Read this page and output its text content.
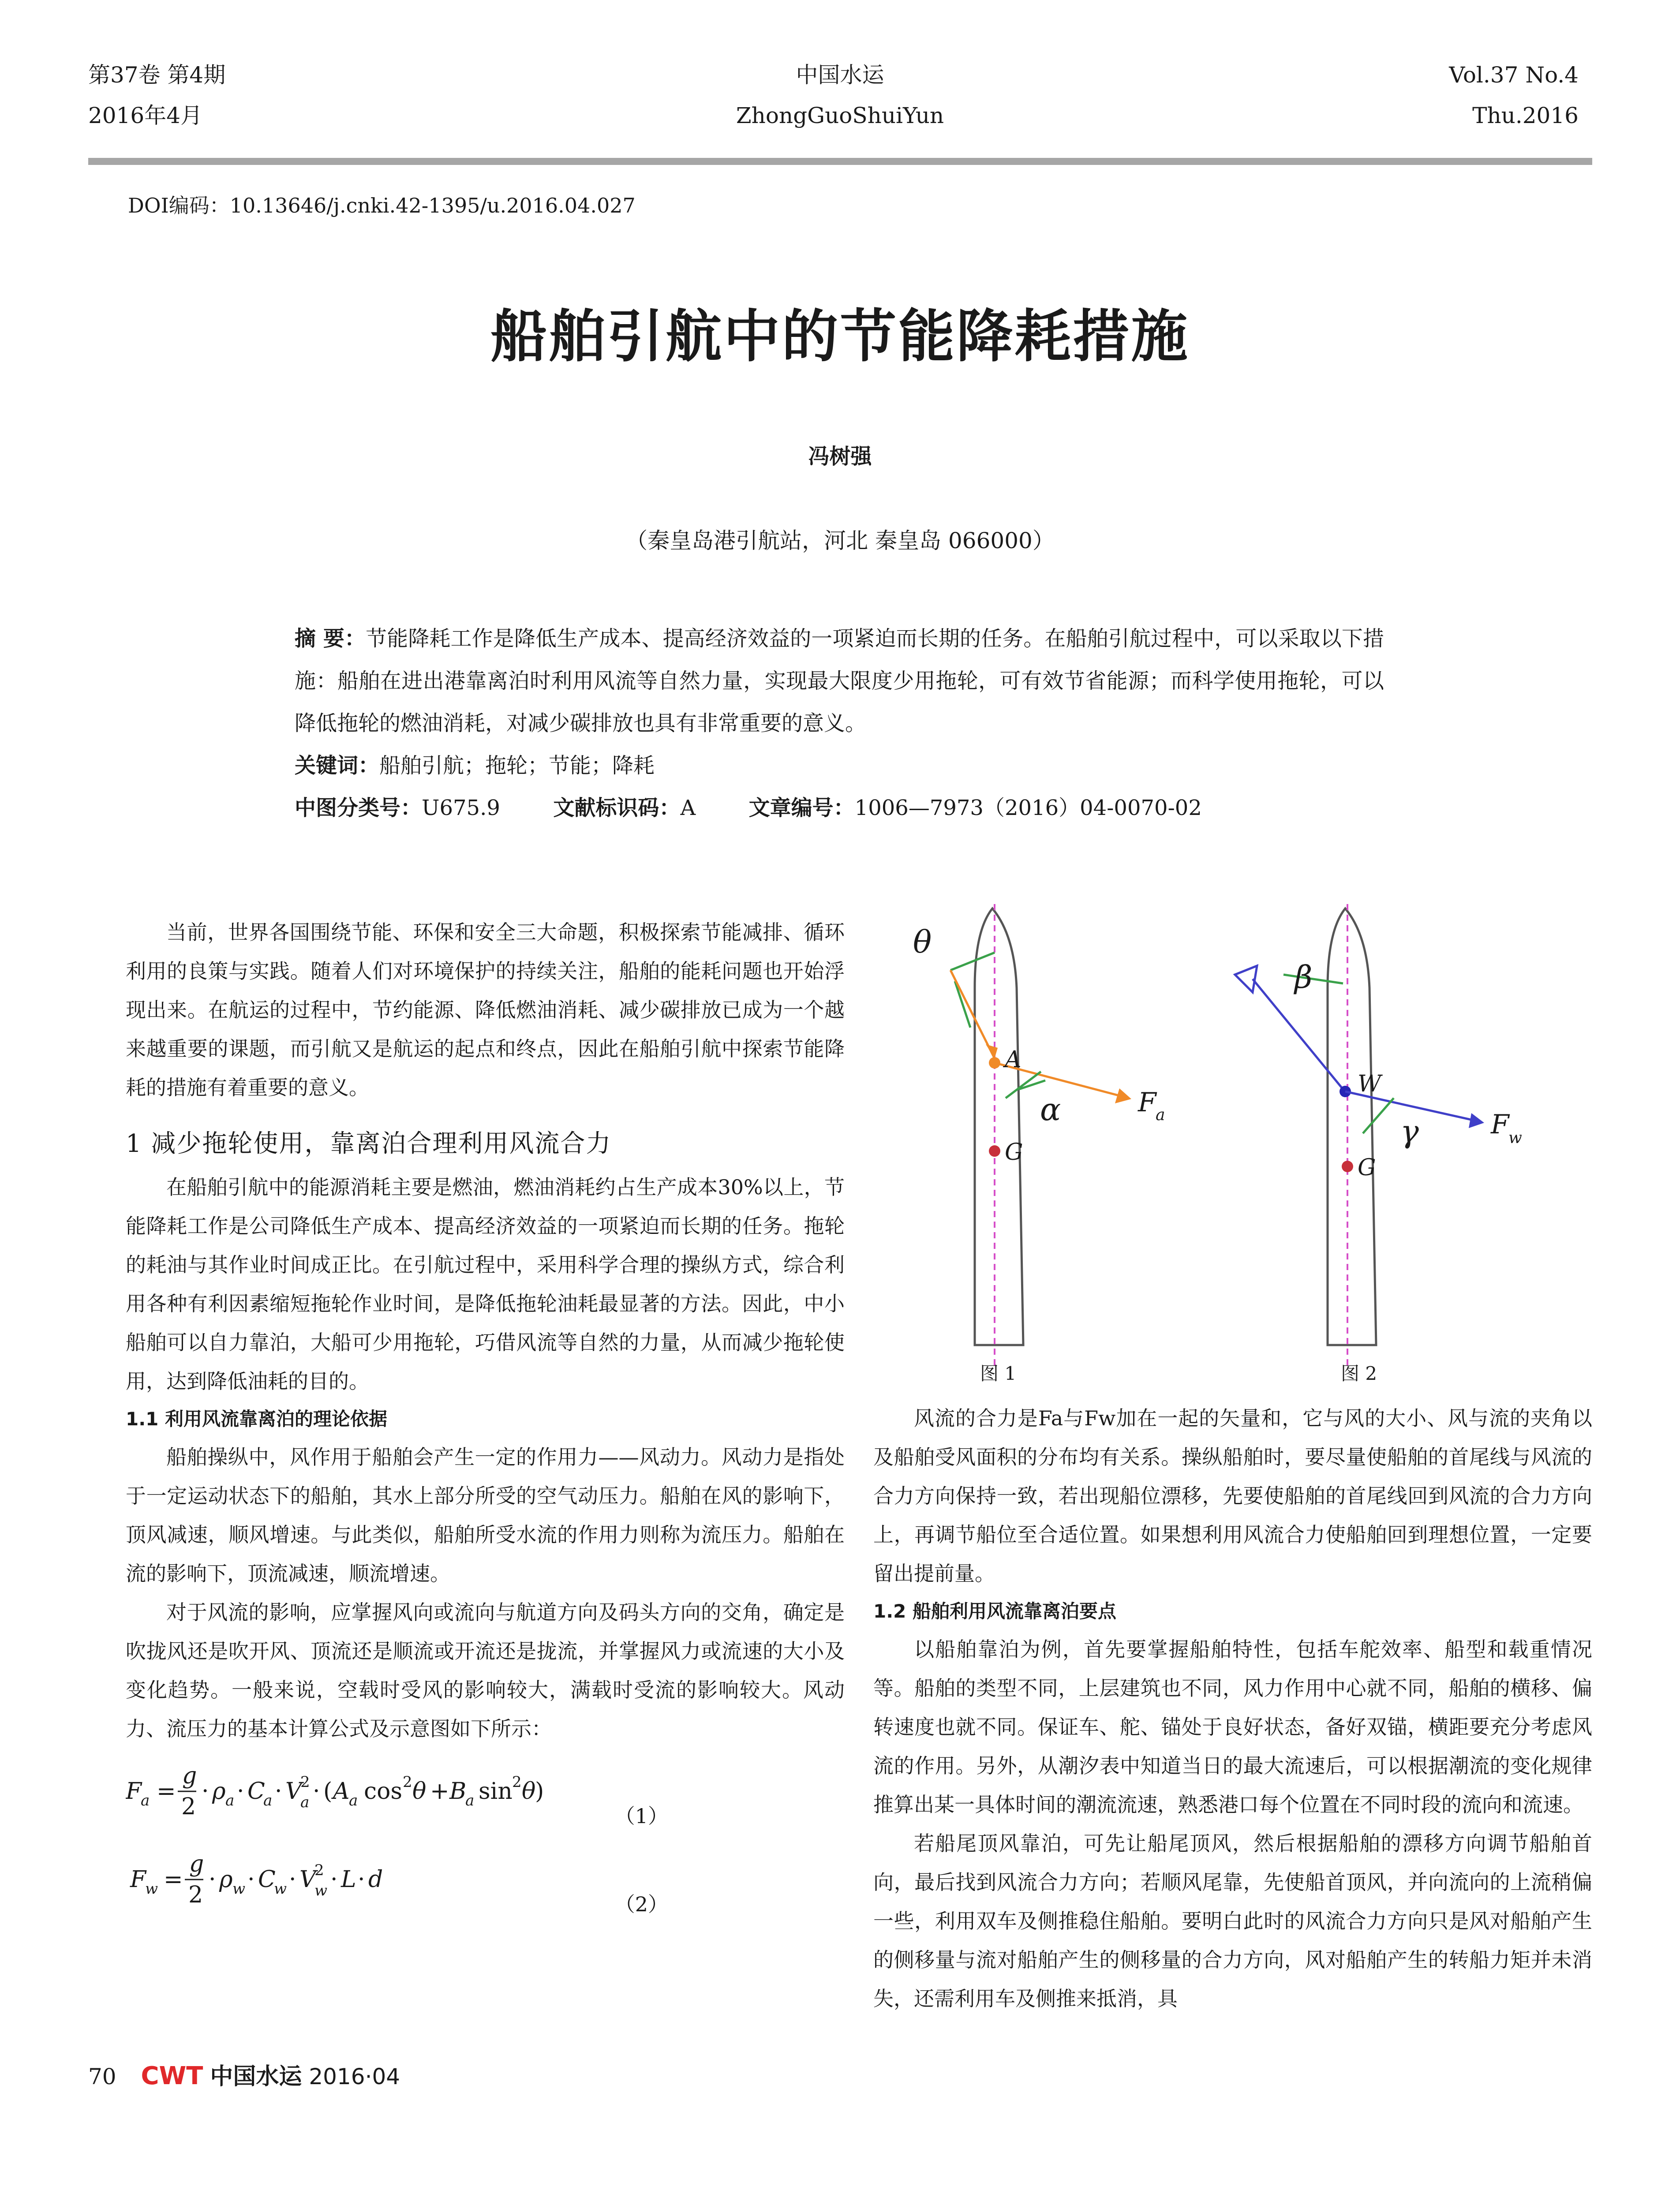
第37卷 第4期
2016年4月
中国水运
ZhongGuoShuiYun
Vol.37 No.4
Thu.2016
DOI编码：10.13646/j.cnki.42-1395/u.2016.04.027
船舶引航中的节能降耗措施
冯树强
（秦皇岛港引航站，河北 秦皇岛 066000）
摘 要：节能降耗工作是降低生产成本、提高经济效益的一项紧迫而长期的任务。在船舶引航过程中，可以采取以下措施：船舶在进出港靠离泊时利用风流等自然力量，实现最大限度少用拖轮，可有效节省能源；而科学使用拖轮，可以降低拖轮的燃油消耗，对减少碳排放也具有非常重要的意义。
关键词：船舶引航；拖轮；节能；降耗
中图分类号：U675.9	文献标识码：A	文章编号：1006—7973（2016）04-0070-02

当前，世界各国围绕节能、环保和安全三大命题，积极探索节能减排、循环利用的良策与实践。随着人们对环境保护的持续关注，船舶的能耗问题也开始浮现出来。在航运的过程中，节约能源、降低燃油消耗、减少碳排放已成为一个越来越重要的课题，而引航又是航运的起点和终点，因此在船舶引航中探索节能降耗的措施有着重要的意义。

1 减少拖轮使用，靠离泊合理利用风流合力

在船舶引航中的能源消耗主要是燃油，燃油消耗约占生产成本30%以上，节能降耗工作是公司降低生产成本、提高经济效益的一项紧迫而长期的任务。拖轮的耗油与其作业时间成正比。在引航过程中，采用科学合理的操纵方式，综合利用各种有利因素缩短拖轮作业时间，是降低拖轮油耗最显著的方法。因此，中小船舶可以自力靠泊，大船可少用拖轮，巧借风流等自然的力量，从而减少拖轮使用，达到降低油耗的目的。

1.1 利用风流靠离泊的理论依据

船舶操纵中，风作用于船舶会产生一定的作用力——风动力。风动力是指处于一定运动状态下的船舶，其水上部分所受的空气动压力。船舶在风的影响下，顶风减速，顺风增速。与此类似，船舶所受水流的作用力则称为流压力。船舶在流的影响下，顶流减速，顺流增速。

对于风流的影响，应掌握风向或流向与航道方向及码头方向的交角，确定是吹拢风还是吹开风、顶流还是顺流或开流还是拢流，并掌握风力或流速的大小及变化趋势。一般来说，空载时受风的影响较大，满载时受流的影响较大。风动力、流压力的基本计算公式及示意图如下所示：

F
a =
g
2
· ρ a · C
a · V
2
a · ( A
a cos 2 θ + B
a sin 2 θ
)
（1）
F
w =
g
2
· ρ w · C
w · V
2
w · L · d
（2）
θ
A
α	F
a
G
β
W
γ	F
w
G
图 1	图 2

风流的合力是Fa与Fw加在一起的矢量和，它与风的大小、风与流的夹角以及船舶受风面积的分布均有关系。操纵船舶时，要尽量使船舶的首尾线与风流的合力方向保持一致，若出现船位漂移，先要使船舶的首尾线回到风流的合力方向上，再调节船位至合适位置。如果想利用风流合力使船舶回到理想位置，一定要留出提前量。

1.2 船舶利用风流靠离泊要点

以船舶靠泊为例，首先要掌握船舶特性，包括车舵效率、船型和载重情况等。船舶的类型不同，上层建筑也不同，风力作用中心就不同，船舶的横移、偏转速度也就不同。保证车、舵、锚处于良好状态，备好双锚，横距要充分考虑风流的作用。另外，从潮汐表中知道当日的最大流速后，可以根据潮流的变化规律推算出某一具体时间的潮流流速，熟悉港口每个位置在不同时段的流向和流速。

若船尾顶风靠泊，可先让船尾顶风，然后根据船舶的漂移方向调节船舶首向，最后找到风流合力方向；若顺风尾靠，先使船首顶风，并向流向的上流稍偏一些，利用双车及侧推稳住船舶。要明白此时的风流合力方向只是风对船舶产生的侧移量与流对船舶产生的侧移量的合力方向，风对船舶产生的转船力矩并未消失，还需利用车及侧推来抵消，具

70 CWT 中国水运 2016·04
